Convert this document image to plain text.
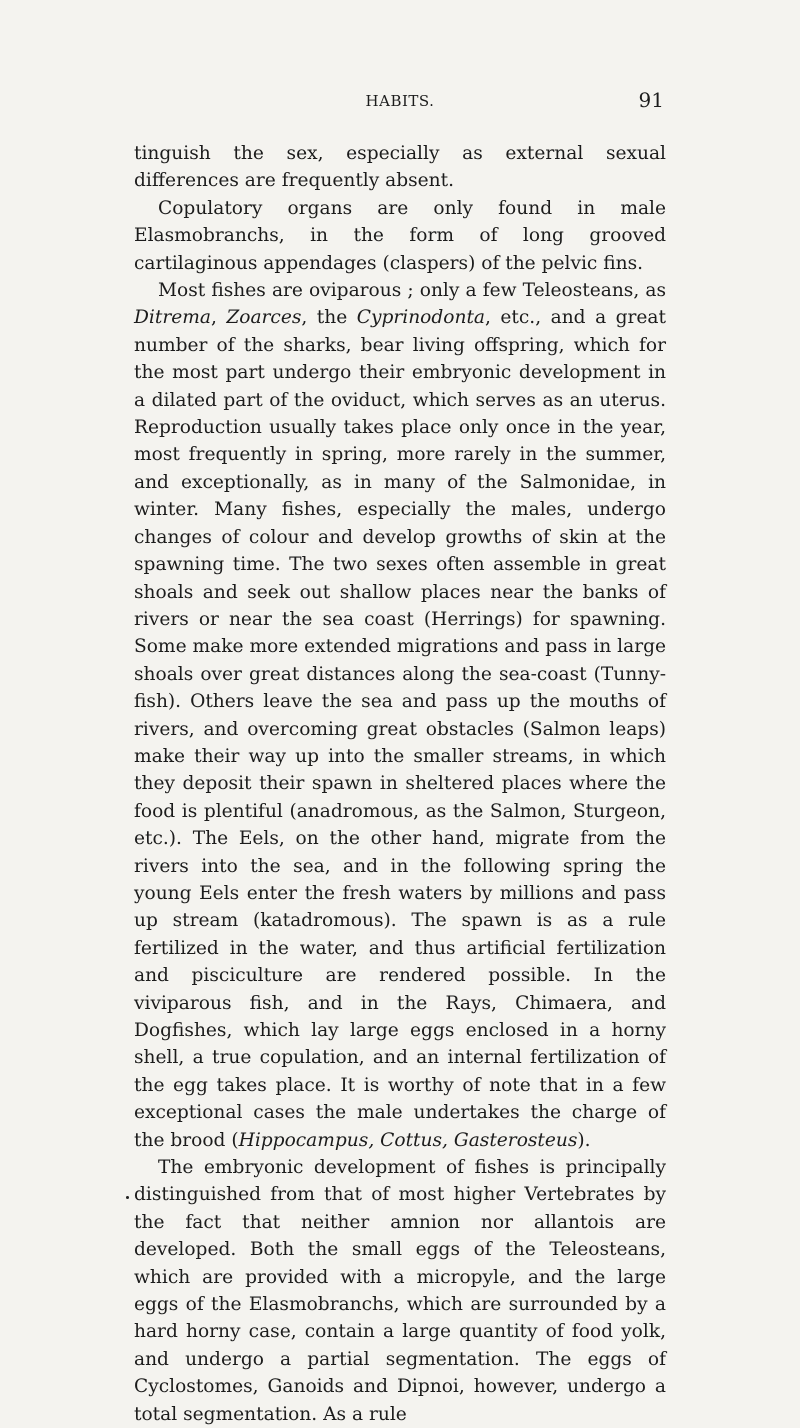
HABITS.	91

tinguish the sex, especially as external sexual differences are frequently absent.

Copulatory organs are only found in male Elasmobranchs, in the form of long grooved cartilaginous appendages (claspers) of the pelvic fins.

Most fishes are oviparous ; only a few Teleosteans, as Ditrema, Zoarces, the Cyprinodonta, etc., and a great number of the sharks, bear living offspring, which for the most part undergo their embryonic development in a dilated part of the oviduct, which serves as an uterus. Reproduction usually takes place only once in the year, most frequently in spring, more rarely in the summer, and exceptionally, as in many of the Salmonidae, in winter. Many fishes, especially the males, undergo changes of colour and develop growths of skin at the spawning time. The two sexes often assemble in great shoals and seek out shallow places near the banks of rivers or near the sea coast (Herrings) for spawning. Some make more extended migrations and pass in large shoals over great distances along the sea-coast (Tunny-fish). Others leave the sea and pass up the mouths of rivers, and overcoming great obstacles (Salmon leaps) make their way up into the smaller streams, in which they deposit their spawn in sheltered places where the food is plentiful (anadromous, as the Salmon, Sturgeon, etc.). The Eels, on the other hand, migrate from the rivers into the sea, and in the following spring the young Eels enter the fresh waters by millions and pass up stream (katadromous). The spawn is as a rule fertilized in the water, and thus artificial fertilization and pisciculture are rendered possible. In the viviparous fish, and in the Rays, Chimaera, and Dogfishes, which lay large eggs enclosed in a horny shell, a true copulation, and an internal fertilization of the egg takes place. It is worthy of note that in a few exceptional cases the male undertakes the charge of the brood (Hippocampus, Cottus, Gasterosteus).

The embryonic development of fishes is principally distinguished from that of most higher Vertebrates by the fact that neither amnion nor allantois are developed. Both the small eggs of the Teleosteans, which are provided with a micropyle, and the large eggs of the Elasmobranchs, which are surrounded by a hard horny case, contain a large quantity of food yolk, and undergo a partial segmentation. The eggs of Cyclostomes, Ganoids and Dipnoi, however, undergo a total segmentation. As a rule
